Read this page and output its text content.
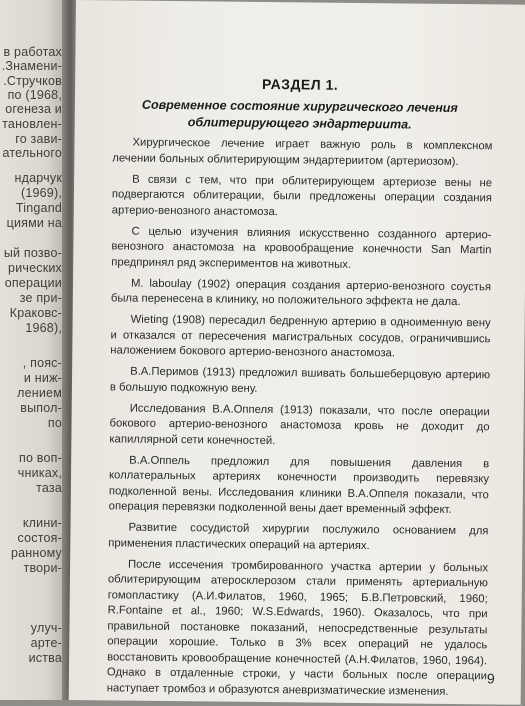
в работах
.Знамени-
.Стручков
по (1968,
огенеза и
тановлен-
го зави-
ательного
ндарчук
(1969),
Tingand
циями на
ый позво-
рических
операции
зе при-
Краковс-
1968),
, пояс-
и ниж-
лением
выпол-
по
по воп-
чниках,
таза
клини-
состоя-
ранному
твори-
улуч-
арте-
иства
РАЗДЕЛ 1.
Современное состояние хирургического лечения
облитерирующего эндартериита.

Хирургическое лечение играет важную роль в комплексном лечении больных облитерирующим эндартериитом (артериозом).

В связи с тем, что при облитерирующем артериозе вены не подвергаются облитерации, были предложены операции создания артерио-венозного анастомоза.

С целью изучения влияния искусственно созданного артерио-венозного анастомоза на кровообращение конечности San Martin предпринял ряд экспериментов на животных.

M. laboulay (1902) операция создания артерио-венозного соустья была перенесена в клинику, но положительного эффекта не дала.

Wieting (1908) пересадил бедренную артерию в одноименную вену и отказался от пересечения магистральных сосудов, ограничившись наложением бокового артерио-венозного анастомоза.

В.А.Перимов (1913) предложил вшивать большеберцовую артерию в большую подкожную вену.

Исследования В.А.Оппеля (1913) показали, что после операции бокового артерио-венозного анастомоза кровь не доходит до капиллярной сети конечностей.

В.А.Оппель предложил для повышения давления в коллатеральных артериях конечности производить перевязку подколенной вены. Исследования клиники В.А.Оппеля показали, что операция перевязки подколенной вены дает временный эффект.

Развитие сосудистой хирургии послужило основанием для применения пластических операций на артериях.

После иссечения тромбированного участка артерии у больных облитерирующим атеросклерозом стали применять артериальную гомопластику (А.И.Филатов, 1960, 1965; Б.В.Петровский, 1960; R.Fontaine et al., 1960; W.S.Edwards, 1960). Оказалось, что при правильной постановке показаний, непосредственные результаты операции хорошие. Только в 3% всех операций не удалось восстановить кровообращение конечностей (А.Н.Филатов, 1960, 1964). Однако в отдаленные строки, у части больных после операции наступает тромбоз и образуются аневризматические изменения.

9
